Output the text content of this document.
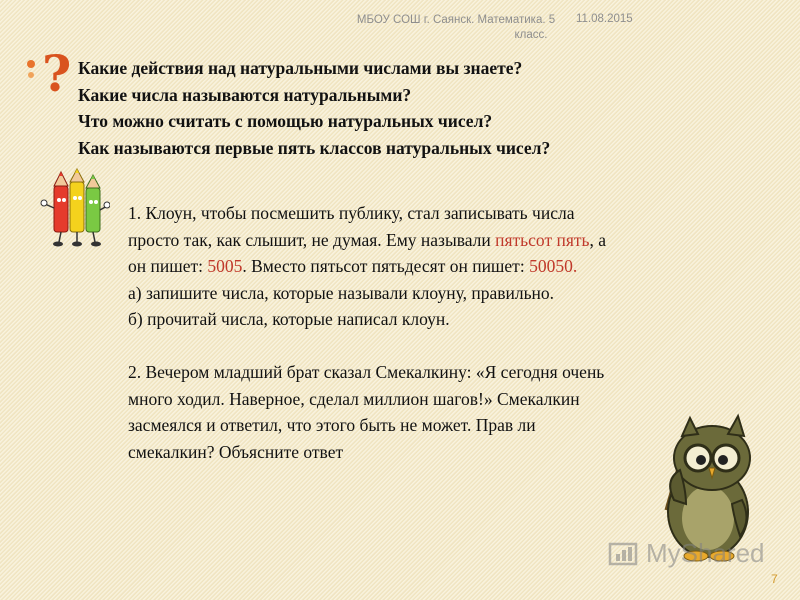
МБОУ СОШ г. Саянск. Математика. 5
класс.
11.08.2015
? Какие действия над натуральными числами вы знаете?
Какие числа называются натуральными?
Что можно считать с помощью натуральных чисел?
Как называются первые пять классов натуральных чисел?

1. Клоун, чтобы посмешить публику, стал записывать числа

просто так, как слышит, не думая. Ему называли пятьсот пять, а

он пишет: 5005. Вместо пятьсот пятьдесят он пишет: 50050.

а) запишите числа, которые называли клоуну, правильно.

б) прочитай числа, которые написал клоун.

2. Вечером младший брат сказал Смекалкину: «Я сегодня очень

много ходил. Наверное, сделал миллион шагов!» Смекалкин

засмеялся и ответил, что этого быть не может. Прав ли

смекалкин? Объясните ответ

MyShared
7
